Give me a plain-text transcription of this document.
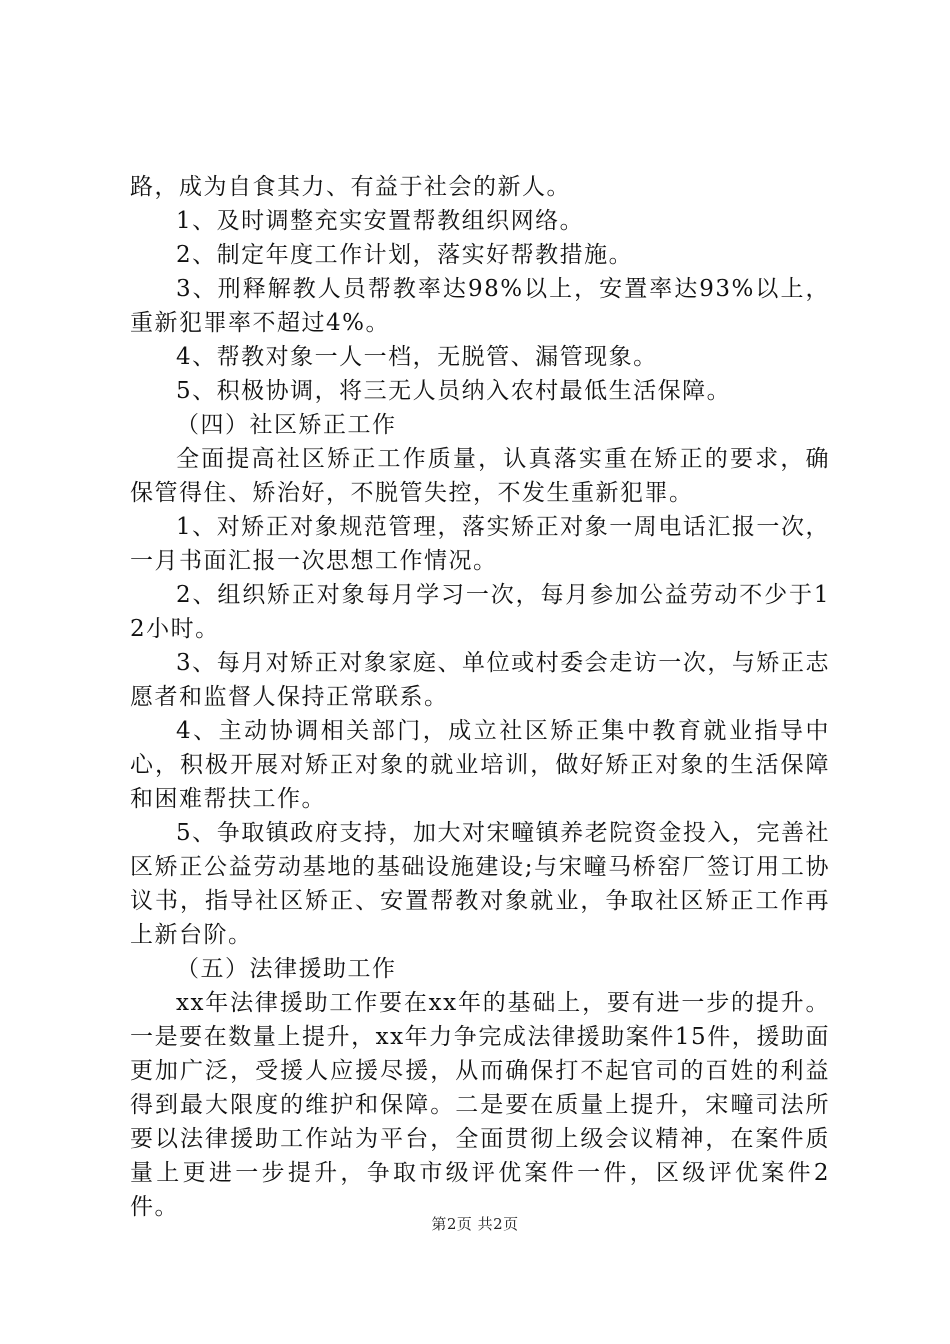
路，成为自食其力、有益于社会的新人。

1、及时调整充实安置帮教组织网络。

2、制定年度工作计划，落实好帮教措施。

3、刑释解教人员帮教率达98%以上，安置率达93%以上，重新犯罪率不超过4%。

4、帮教对象一人一档，无脱管、漏管现象。

5、积极协调，将三无人员纳入农村最低生活保障。

（四）社区矫正工作

全面提高社区矫正工作质量，认真落实重在矫正的要求，确保管得住、矫治好，不脱管失控，不发生重新犯罪。

1、对矫正对象规范管理，落实矫正对象一周电话汇报一次，一月书面汇报一次思想工作情况。

2、组织矫正对象每月学习一次，每月参加公益劳动不少于12小时。

3、每月对矫正对象家庭、单位或村委会走访一次，与矫正志愿者和监督人保持正常联系。

4、主动协调相关部门，成立社区矫正集中教育就业指导中心，积极开展对矫正对象的就业培训，做好矫正对象的生活保障和困难帮扶工作。

5、争取镇政府支持，加大对宋疃镇养老院资金投入，完善社区矫正公益劳动基地的基础设施建设;与宋疃马桥窑厂签订用工协议书，指导社区矫正、安置帮教对象就业，争取社区矫正工作再上新台阶。

（五）法律援助工作

xx年法律援助工作要在xx年的基础上，要有进一步的提升。一是要在数量上提升，xx年力争完成法律援助案件15件，援助面更加广泛，受援人应援尽援，从而确保打不起官司的百姓的利益得到最大限度的维护和保障。二是要在质量上提升，宋疃司法所要以法律援助工作站为平台，全面贯彻上级会议精神，在案件质量上更进一步提升，争取市级评优案件一件，区级评优案件2件。

第2页 共2页
